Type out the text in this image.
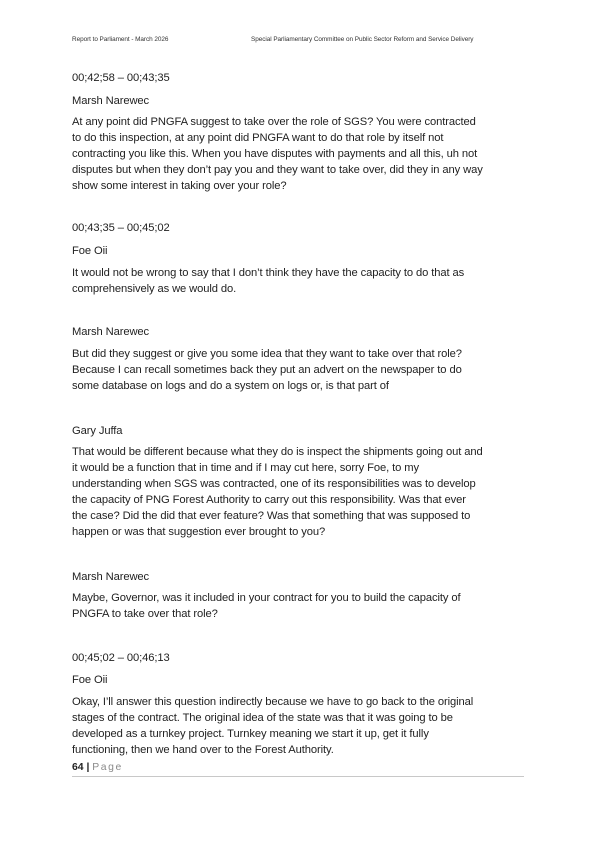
Report to Parliament - March 2026	Special Parliamentary Committee on Public Sector Reform and Service Delivery
00;42;58 – 00;43;35
Marsh Narewec
At any point did PNGFA suggest to take over the role of SGS? You were contracted
to do this inspection, at any point did PNGFA want to do that role by itself not
contracting you like this. When you have disputes with payments and all this, uh not
disputes but when they don’t pay you and they want to take over, did they in any way
show some interest in taking over your role?
00;43;35 – 00;45;02
Foe Oii
It would not be wrong to say that I don’t think they have the capacity to do that as
comprehensively as we would do.
Marsh Narewec
But did they suggest or give you some idea that they want to take over that role?
Because I can recall sometimes back they put an advert on the newspaper to do
some database on logs and do a system on logs or, is that part of
Gary Juffa
That would be different because what they do is inspect the shipments going out and
it would be a function that in time and if I may cut here, sorry Foe, to my
understanding when SGS was contracted, one of its responsibilities was to develop
the capacity of PNG Forest Authority to carry out this responsibility. Was that ever
the case? Did the did that ever feature? Was that something that was supposed to
happen or was that suggestion ever brought to you?
Marsh Narewec
Maybe, Governor, was it included in your contract for you to build the capacity of
PNGFA to take over that role?
00;45;02 – 00;46;13
Foe Oii
Okay, I’ll answer this question indirectly because we have to go back to the original
stages of the contract. The original idea of the state was that it was going to be
developed as a turnkey project. Turnkey meaning we start it up, get it fully
functioning, then we hand over to the Forest Authority.
64 | Page
